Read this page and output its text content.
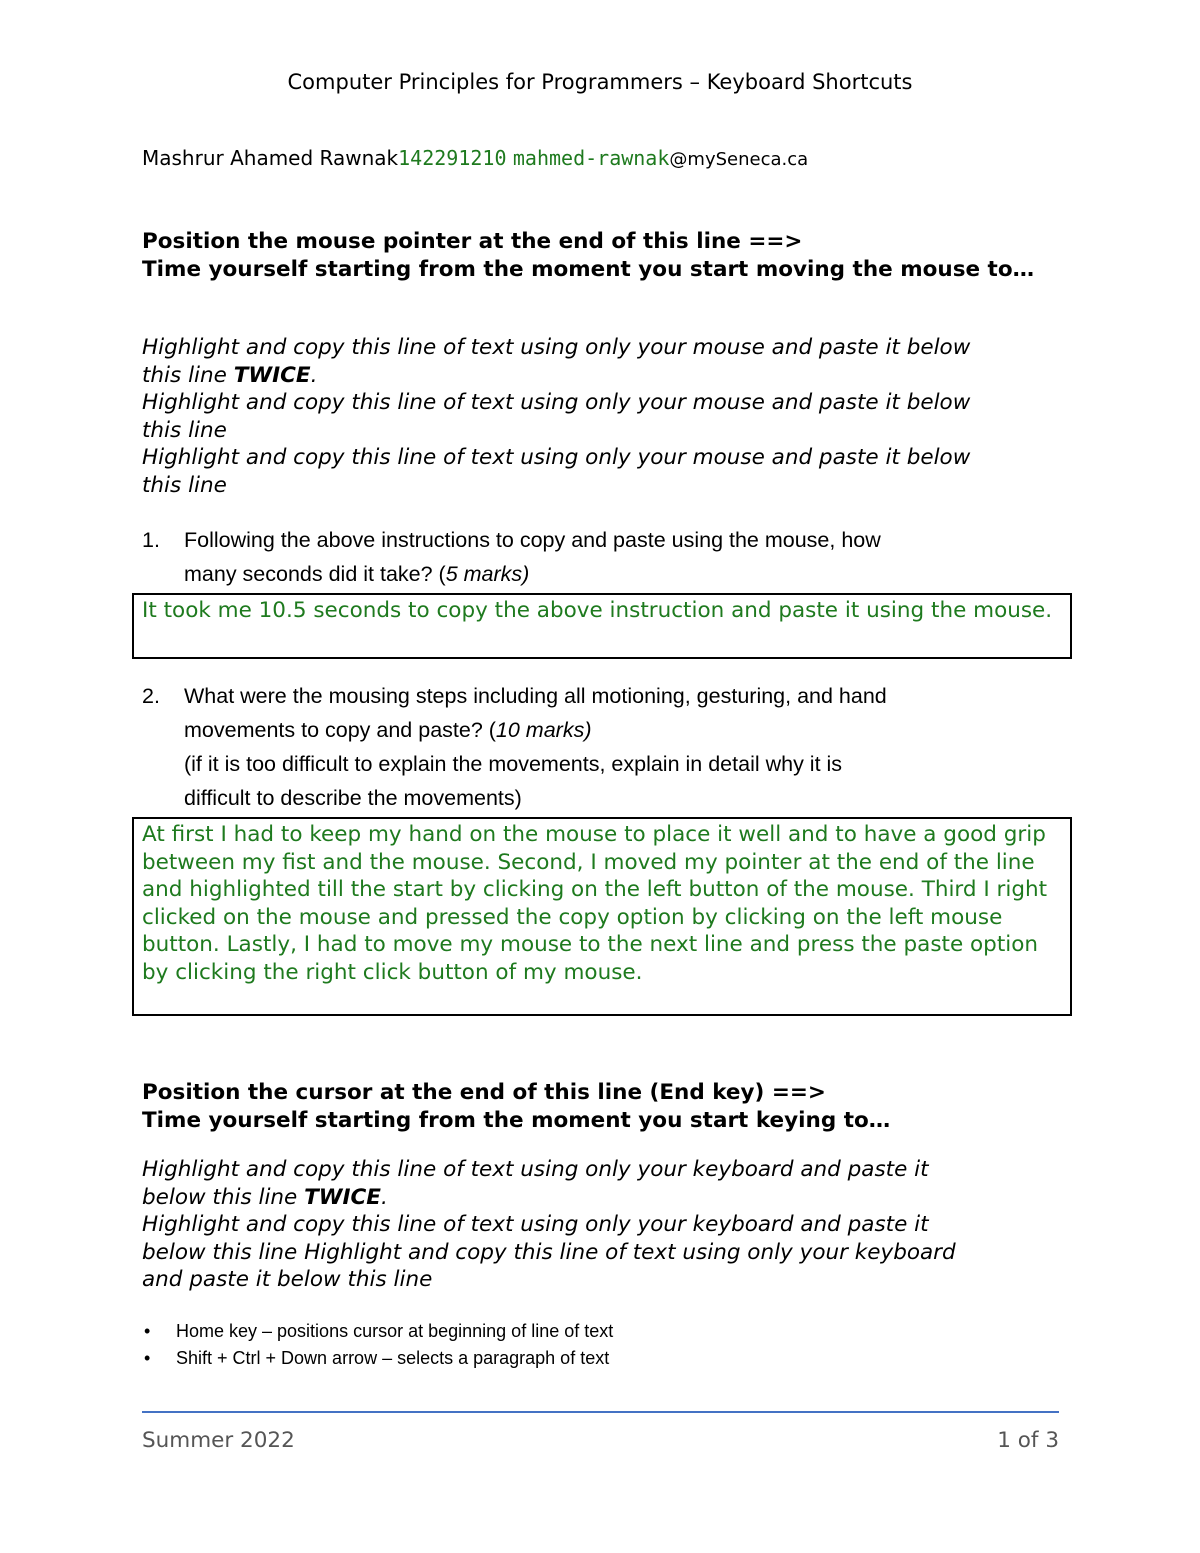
Computer Principles for Programmers – Keyboard Shortcuts
Mashrur Ahamed Rawnak142291210 mahmed-rawnak@mySeneca.ca
Position the mouse pointer at the end of this line ==>
Time yourself starting from the moment you start moving the mouse to…
Highlight and copy this line of text using only your mouse and paste it below
this line TWICE.
Highlight and copy this line of text using only your mouse and paste it below
this line
Highlight and copy this line of text using only your mouse and paste it below
this line
1. Following the above instructions to copy and paste using the mouse, how
many seconds did it take? (5 marks)
It took me 10.5 seconds to copy the above instruction and paste it using the mouse.
2. What were the mousing steps including all motioning, gesturing, and hand
movements to copy and paste? (10 marks)
(if it is too difficult to explain the movements, explain in detail why it is
difficult to describe the movements)
At first I had to keep my hand on the mouse to place it well and to have a good grip between my fist and the mouse. Second, I moved my pointer at the end of the line and highlighted till the start by clicking on the left button of the mouse. Third I right clicked on the mouse and pressed the copy option by clicking on the left mouse button. Lastly, I had to move my mouse to the next line and press the paste option by clicking the right click button of my mouse.
Position the cursor at the end of this line (End key) ==>
Time yourself starting from the moment you start keying to…
Highlight and copy this line of text using only your keyboard and paste it
below this line TWICE.
Highlight and copy this line of text using only your keyboard and paste it
below this line Highlight and copy this line of text using only your keyboard
and paste it below this line
• Home key – positions cursor at beginning of line of text
• Shift + Ctrl + Down arrow – selects a paragraph of text
Summer 2022	1 of 3
